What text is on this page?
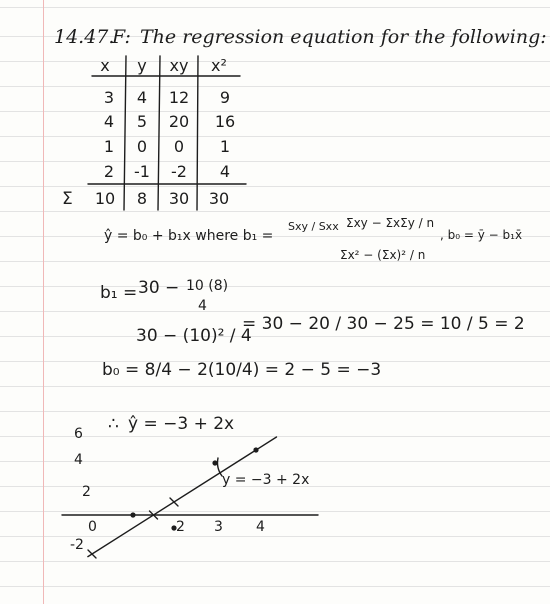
14.47.
F: The regression equation for the following:
x	y	xy	x²
3	4	12	9
4	5	20	16
1	0	0	1
2	-1	-2	4
Σ	10	8	30	30
ŷ = b₀ + b₁x where b₁ =
Sxy / Sxx Σxy − ΣxΣy / n
Σx² − (Σx)² / n
, b₀ = ȳ − b₁x̄
b₁ = 30 − 10 (8)
4
30 − (10)² / 4
= 30 − 20 / 30 − 25 = 10 / 5 = 2
b₀ = 8/4 − 2(10/4) = 2 − 5 = −3
∴ ŷ = −3 + 2x
6
4
2
-2
0	2 3 4
y = −3 + 2x
